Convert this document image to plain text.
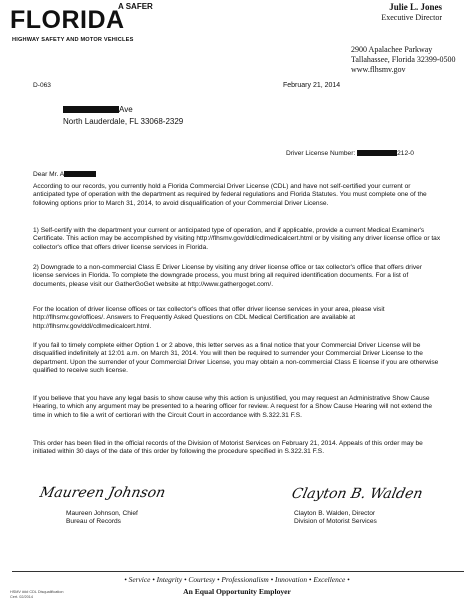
A SAFER
FLORIDA
HIGHWAY SAFETY AND MOTOR VEHICLES
Julie L. Jones
Executive Director
2900 Apalachee Parkway
Tallahassee, Florida 32399-0500
www.flhsmv.gov
D-063	February 21, 2014
Ave
North Lauderdale, FL 33068-2329
Driver License Number:	212-0
Dear Mr. A
According to our records, you currently hold a Florida Commercial Driver License (CDL) and have not self-certified your current or anticipated type of operation with the department as required by federal regulations and Florida Statutes. You must complete one of the following options prior to March 31, 2014, to avoid disqualification of your Commercial Driver License.
1) Self-certify with the department your current or anticipated type of operation, and if applicable, provide a current Medical Examiner's Certificate. This action may be accomplished by visiting http://flhsmv.gov/ddl/cdlmedicalcert.html or by visiting any driver license office or tax collector's office that offers driver license services in Florida.
2) Downgrade to a non-commercial Class E Driver License by visiting any driver license office or tax collector's office that offers driver license services in Florida. To complete the downgrade process, you must bring all required identification documents. For a list of documents, please visit our GatherGoGet website at http://www.gathergoget.com/.
For the location of driver license offices or tax collector's offices that offer driver license services in your area, please visit http://flhsmv.gov/offices/. Answers to Frequently Asked Questions on CDL Medical Certification are available at http://flhsmv.gov/ddl/cdlmedicalcert.html.
If you fail to timely complete either Option 1 or 2 above, this letter serves as a final notice that your Commercial Driver License will be disqualified indefinitely at 12:01 a.m. on March 31, 2014. You will then be required to surrender your Commercial Driver License to the department. Upon the surrender of your Commercial Driver License, you may obtain a non-commercial Class E license if you are otherwise qualified to receive such license.
If you believe that you have any legal basis to show cause why this action is unjustified, you may request an Administrative Show Cause Hearing, to which any argument may be presented to a hearing officer for review. A request for a Show Cause Hearing will not extend the time in which to file a writ of certiorari with the Circuit Court in accordance with S.322.31 F.S.
This order has been filed in the official records of the Division of Motorist Services on February 21, 2014. Appeals of this order may be initiated within 30 days of the date of this order by following the procedure specified in S.322.31 F.S.
Maureen Johnson
Maureen Johnson, Chief
Bureau of Records
Clayton B. Walden
Clayton B. Walden, Director
Division of Motorist Services
• Service • Integrity • Courtesy • Professionalism • Innovation • Excellence •
An Equal Opportunity Employer
HSMV ### CDL Disqualification Cert. 02/2014
